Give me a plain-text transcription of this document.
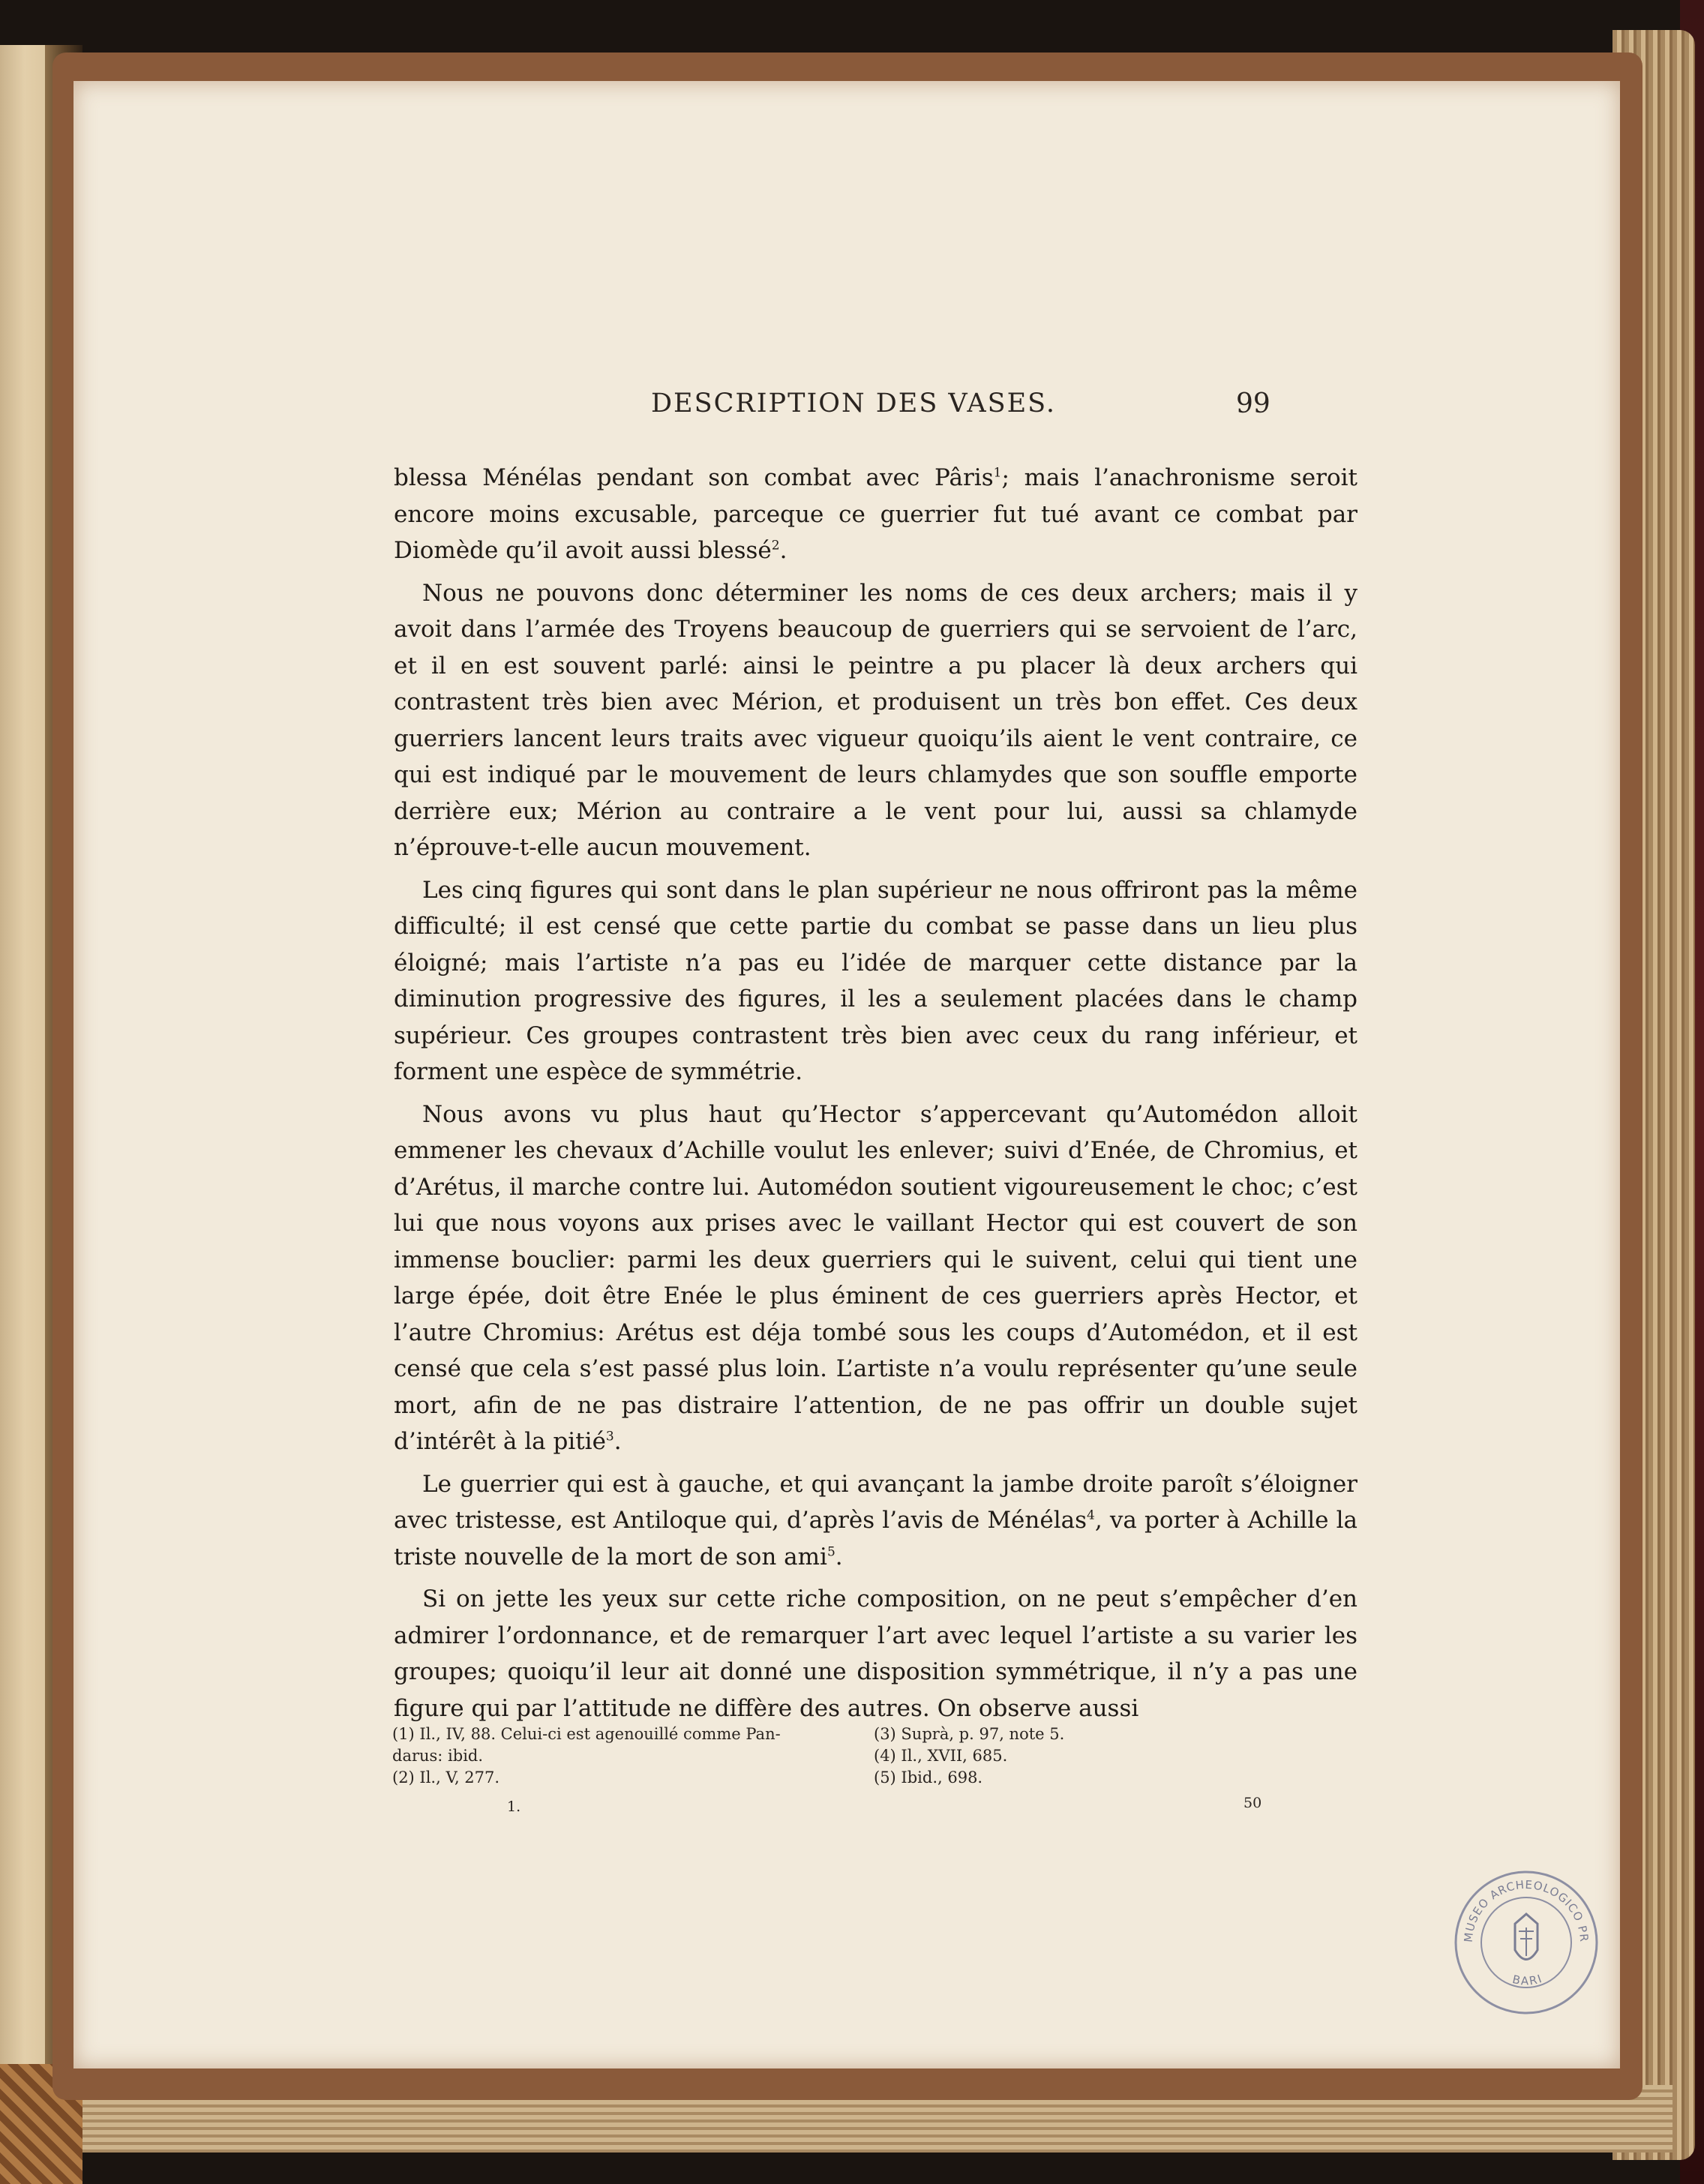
DESCRIPTION DES VASES.	99

blessa Ménélas pendant son combat avec Pâris$^1$; mais l’anachronisme seroit encore moins excusable, parceque ce guerrier fut tué avant ce combat par Diomède qu’il avoit aussi blessé$^2$.

Nous ne pouvons donc déterminer les noms de ces deux archers; mais il y avoit dans l’armée des Troyens beaucoup de guerriers qui se servoient de l’arc, et il en est souvent parlé: ainsi le peintre a pu placer là deux archers qui contrastent très bien avec Mérion, et produisent un très bon effet. Ces deux guerriers lancent leurs traits avec vigueur quoiqu’ils aient le vent contraire, ce qui est indiqué par le mouvement de leurs chlamydes que son souffle emporte derrière eux; Mérion au contraire a le vent pour lui, aussi sa chlamyde n’éprouve-t-elle aucun mouvement.

Les cinq figures qui sont dans le plan supérieur ne nous offriront pas la même difficulté; il est censé que cette partie du combat se passe dans un lieu plus éloigné; mais l’artiste n’a pas eu l’idée de marquer cette distance par la diminution progressive des figures, il les a seulement placées dans le champ supérieur. Ces groupes contrastent très bien avec ceux du rang inférieur, et forment une espèce de symmétrie.

Nous avons vu plus haut qu’Hector s’appercevant qu’Automédon alloit emmener les chevaux d’Achille voulut les enlever; suivi d’Enée, de Chromius, et d’Arétus, il marche contre lui. Automédon soutient vigoureusement le choc; c’est lui que nous voyons aux prises avec le vaillant Hector qui est couvert de son immense bouclier: parmi les deux guerriers qui le suivent, celui qui tient une large épée, doit être Enée le plus éminent de ces guerriers après Hector, et l’autre Chromius: Arétus est déja tombé sous les coups d’Automédon, et il est censé que cela s’est passé plus loin. L’artiste n’a voulu représenter qu’une seule mort, afin de ne pas distraire l’attention, de ne pas offrir un double sujet d’intérêt à la pitié$^3$.

Le guerrier qui est à gauche, et qui avançant la jambe droite paroît s’éloigner avec tristesse, est Antiloque qui, d’après l’avis de Ménélas$^4$, va porter à Achille la triste nouvelle de la mort de son ami$^5$.

Si on jette les yeux sur cette riche composition, on ne peut s’empêcher d’en admirer l’ordonnance, et de remarquer l’art avec lequel l’artiste a su varier les groupes; quoiqu’il leur ait donné une disposition symmétrique, il n’y a pas une figure qui par l’attitude ne diffère des autres. On observe aussi

(1) Il., IV, 88. Celui-ci est agenouillé comme Pan-
darus: ibid.
(2) Il., V, 277.
(3) Suprà, p. 97, note 5.
(4) Il., XVII, 685.
(5) Ibid., 698.
1.	50
MUSEO ARCHEOLOGICO PR
BARI
